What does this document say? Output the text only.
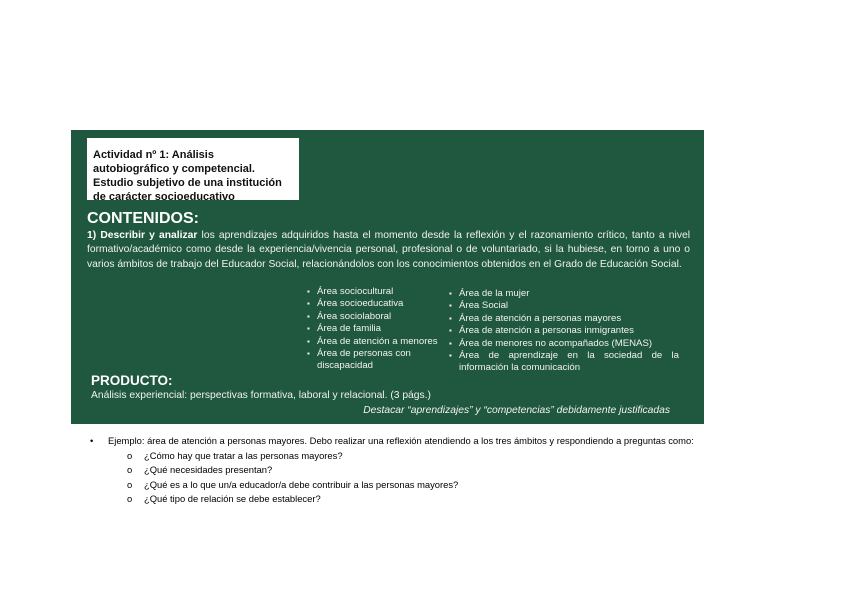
Actividad nº 1: Análisis autobiográfico y competencial. Estudio subjetivo de una institución de carácter socioeducativo
CONTENIDOS:
1) Describir y analizar los aprendizajes adquiridos hasta el momento desde la reflexión y el razonamiento crítico, tanto a nivel formativo/académico como desde la experiencia/vivencia personal, profesional o de voluntariado, si la hubiese, en torno a uno o varios ámbitos de trabajo del Educador Social, relacionándolos con los conocimientos obtenidos en el Grado de Educación Social.
▪ Área sociocultural
▪ Área socioeducativa
▪ Área sociolaboral
▪ Área de familia
▪ Área de atención a menores
▪ Área de personas con discapacidad
▪ Área de la mujer
▪ Área Social
▪ Área de atención a personas mayores
▪ Área de atención a personas inmigrantes
▪ Área de menores no acompañados (MENAS)
▪ Área de aprendizaje en la sociedad de la información la comunicación
PRODUCTO:
Análisis experiencial: perspectivas formativa, laboral y relacional. (3 págs.)
Destacar “aprendizajes” y “competencias” debidamente justificadas
• Ejemplo: área de atención a personas mayores. Debo realizar una reflexión atendiendo a los tres ámbitos y respondiendo a preguntas como:
o ¿Cómo hay que tratar a las personas mayores?
o ¿Qué necesidades presentan?
o ¿Qué es a lo que un/a educador/a debe contribuir a las personas mayores?
o ¿Qué tipo de relación se debe establecer?
